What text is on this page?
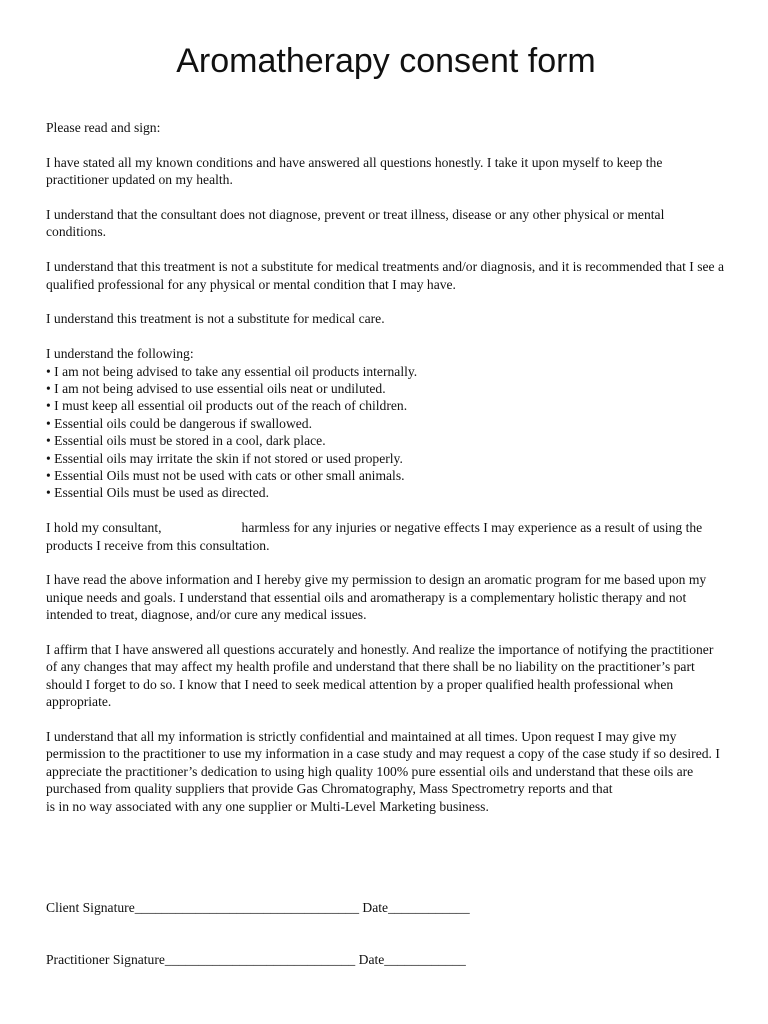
Aromatherapy consent form

Please read and sign:

I have stated all my known conditions and have answered all questions honestly. I take it upon myself to keep the practitioner updated on my health.

I understand that the consultant does not diagnose, prevent or treat illness, disease or any other physical or mental conditions.

I understand that this treatment is not a substitute for medical treatments and/or diagnosis, and it is recommended that I see a qualified professional for any physical or mental condition that I may have.

I understand this treatment is not a substitute for medical care.

I understand the following:
• I am not being advised to take any essential oil products internally.
• I am not being advised to use essential oils neat or undiluted.
• I must keep all essential oil products out of the reach of children.
• Essential oils could be dangerous if swallowed.
• Essential oils must be stored in a cool, dark place.
• Essential oils may irritate the skin if not stored or used properly.
• Essential Oils must not be used with cats or other small animals.
• Essential Oils must be used as directed.

I hold my consultant,	harmless for any injuries or negative effects I may experience as a result of using the products I receive from this consultation.

I have read the above information and I hereby give my permission to design an aromatic program for me based upon my unique needs and goals. I understand that essential oils and aromatherapy is a complementary holistic therapy and not intended to treat, diagnose, and/or cure any medical issues.

I affirm that I have answered all questions accurately and honestly. And realize the importance of notifying the practitioner of any changes that may affect my health profile and understand that there shall be no liability on the practitioner’s part should I forget to do so. I know that I need to seek medical attention by a proper qualified health professional when appropriate.

I understand that all my information is strictly confidential and maintained at all times. Upon request I may give my permission to the practitioner to use my information in a case study and may request a copy of the case study if so desired. I appreciate the practitioner’s dedication to using high quality 100% pure essential oils and understand that these oils are purchased from quality suppliers that provide Gas Chromatography, Mass Spectrometry reports and that  is in no way associated with any one supplier or Multi-Level Marketing business.

Client Signature_________________________________ Date____________
Practitioner Signature____________________________ Date____________
